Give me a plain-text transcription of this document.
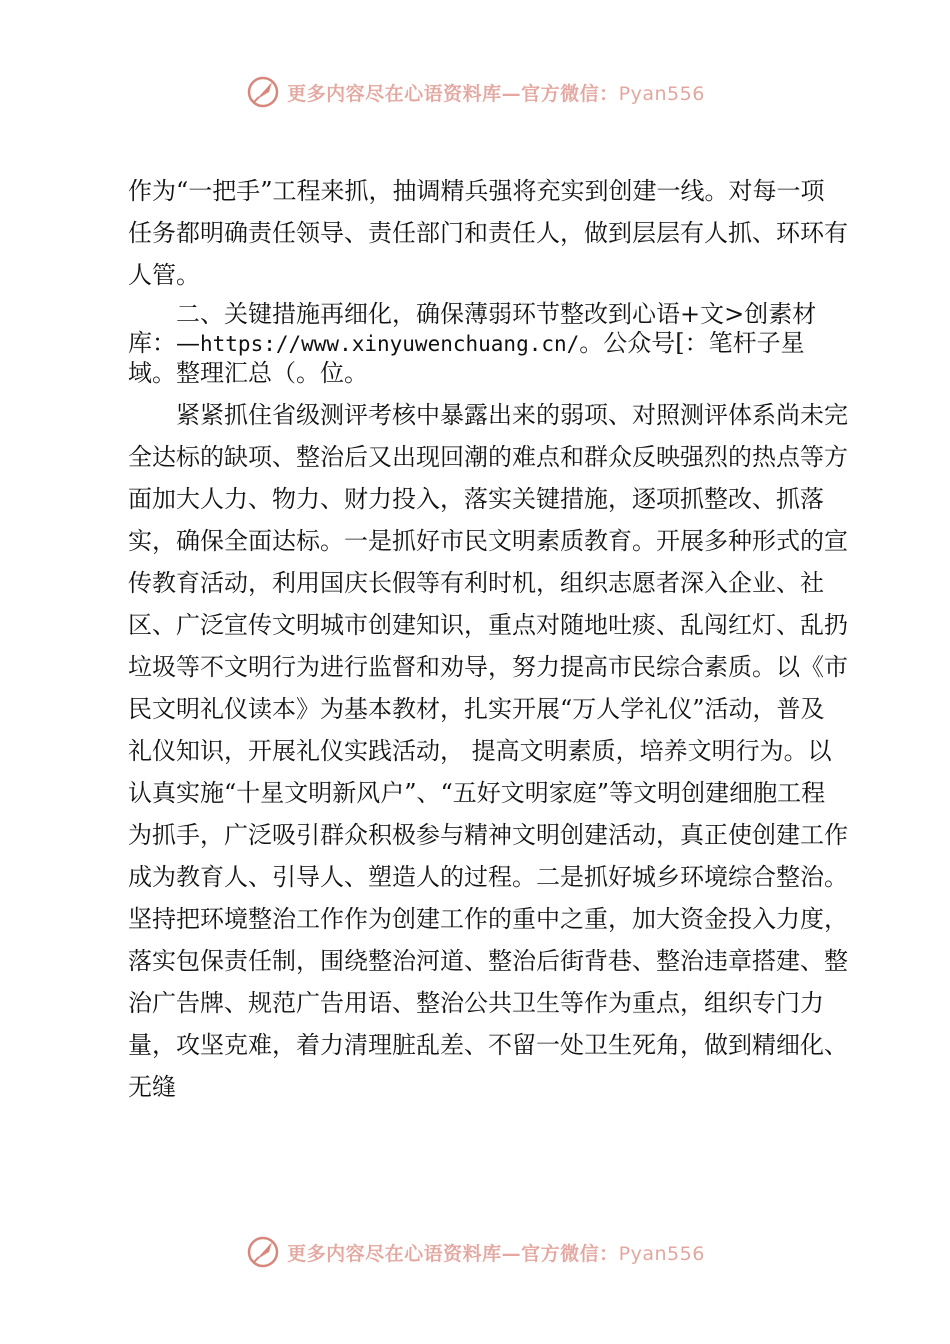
更多内容尽在心语资料库—官方微信：Pyan556

作为“一把手”工程来抓，抽调精兵强将充实到创建一线。对每一项任务都明确责任领导、责任部门和责任人，做到层层有人抓、环环有人管。

二、关键措施再细化，确保薄弱环节整改到心语+文>创素材库：—https://www.xinyuwenchuang.cn/。公众号[：笔杆子星域。整理汇总（。位。

紧紧抓住省级测评考核中暴露出来的弱项、对照测评体系尚未完全达标的缺项、整治后又出现回潮的难点和群众反映强烈的热点等方面加大人力、物力、财力投入，落实关键措施，逐项抓整改、抓落实，确保全面达标。一是抓好市民文明素质教育。开展多种形式的宣传教育活动，利用国庆长假等有利时机，组织志愿者深入企业、社区、广泛宣传文明城市创建知识，重点对随地吐痰、乱闯红灯、乱扔垃圾等不文明行为进行监督和劝导，努力提高市民综合素质。以《市民文明礼仪读本》为基本教材，扎实开展“万人学礼仪”活动，普及礼仪知识，开展礼仪实践活动， 提高文明素质，培养文明行为。以认真实施“十星文明新风户”、“五好文明家庭”等文明创建细胞工程为抓手，广泛吸引群众积极参与精神文明创建活动，真正使创建工作成为教育人、引导人、塑造人的过程。二是抓好城乡环境综合整治。坚持把环境整治工作作为创建工作的重中之重，加大资金投入力度，落实包保责任制，围绕整治河道、整治后街背巷、整治违章搭建、整治广告牌、规范广告用语、整治公共卫生等作为重点，组织专门力量，攻坚克难，着力清理脏乱差、不留一处卫生死角，做到精细化、无缝

更多内容尽在心语资料库—官方微信：Pyan556
